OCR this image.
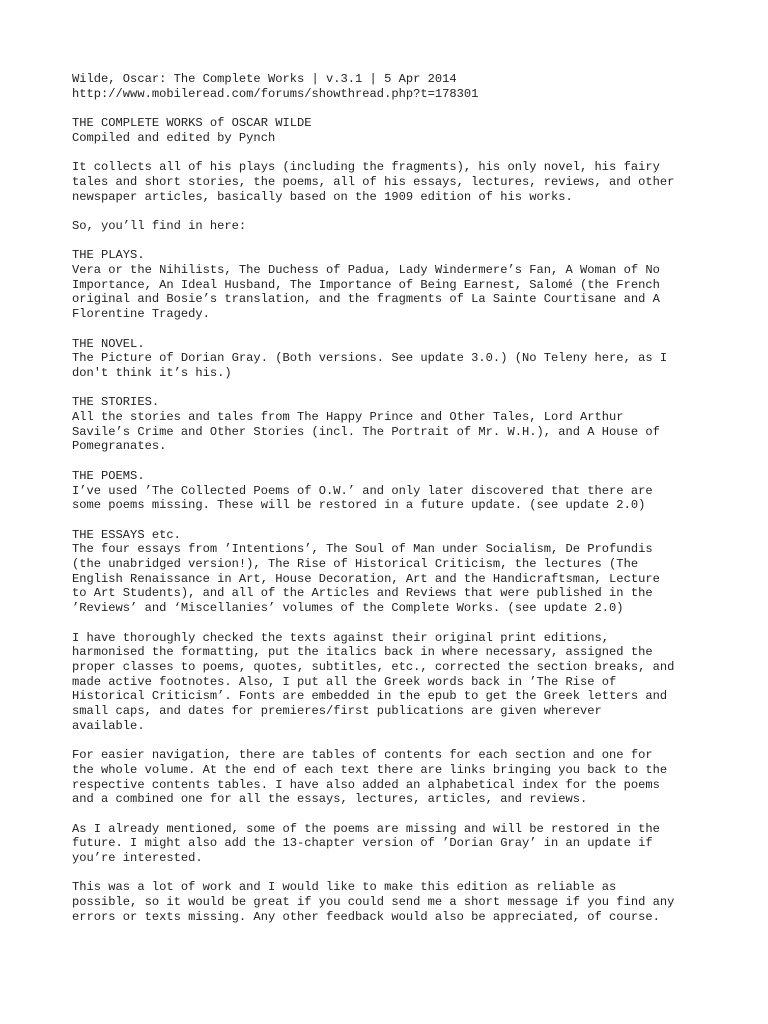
Wilde, Oscar: The Complete Works | v.3.1 | 5 Apr 2014
http://www.mobileread.com/forums/showthread.php?t=178301
THE COMPLETE WORKS of OSCAR WILDE
Compiled and edited by Pynch
It collects all of his plays (including the fragments), his only novel, his fairy
tales and short stories, the poems, all of his essays, lectures, reviews, and other
newspaper articles, basically based on the 1909 edition of his works.
So, you’ll find in here:
THE PLAYS.
Vera or the Nihilists, The Duchess of Padua, Lady Windermere’s Fan, A Woman of No
Importance, An Ideal Husband, The Importance of Being Earnest, Salomé (the French
original and Bosie’s translation, and the fragments of La Sainte Courtisane and A
Florentine Tragedy.
THE NOVEL.
The Picture of Dorian Gray. (Both versions. See update 3.0.) (No Teleny here, as I
don't think it’s his.)
THE STORIES.
All the stories and tales from The Happy Prince and Other Tales, Lord Arthur
Savile’s Crime and Other Stories (incl. The Portrait of Mr. W.H.), and A House of
Pomegranates.
THE POEMS.
I’ve used ’The Collected Poems of O.W.’ and only later discovered that there are
some poems missing. These will be restored in a future update. (see update 2.0)
THE ESSAYS etc.
The four essays from ’Intentions’, The Soul of Man under Socialism, De Profundis
(the unabridged version!), The Rise of Historical Criticism, the lectures (The
English Renaissance in Art, House Decoration, Art and the Handicraftsman, Lecture
to Art Students), and all of the Articles and Reviews that were published in the
’Reviews’ and ‘Miscellanies’ volumes of the Complete Works. (see update 2.0)
I have thoroughly checked the texts against their original print editions,
harmonised the formatting, put the italics back in where necessary, assigned the
proper classes to poems, quotes, subtitles, etc., corrected the section breaks, and
made active footnotes. Also, I put all the Greek words back in ’The Rise of
Historical Criticism’. Fonts are embedded in the epub to get the Greek letters and
small caps, and dates for premieres/first publications are given wherever
available.
For easier navigation, there are tables of contents for each section and one for
the whole volume. At the end of each text there are links bringing you back to the
respective contents tables. I have also added an alphabetical index for the poems
and a combined one for all the essays, lectures, articles, and reviews.
As I already mentioned, some of the poems are missing and will be restored in the
future. I might also add the 13-chapter version of ’Dorian Gray’ in an update if
you’re interested.
This was a lot of work and I would like to make this edition as reliable as
possible, so it would be great if you could send me a short message if you find any
errors or texts missing. Any other feedback would also be appreciated, of course.
